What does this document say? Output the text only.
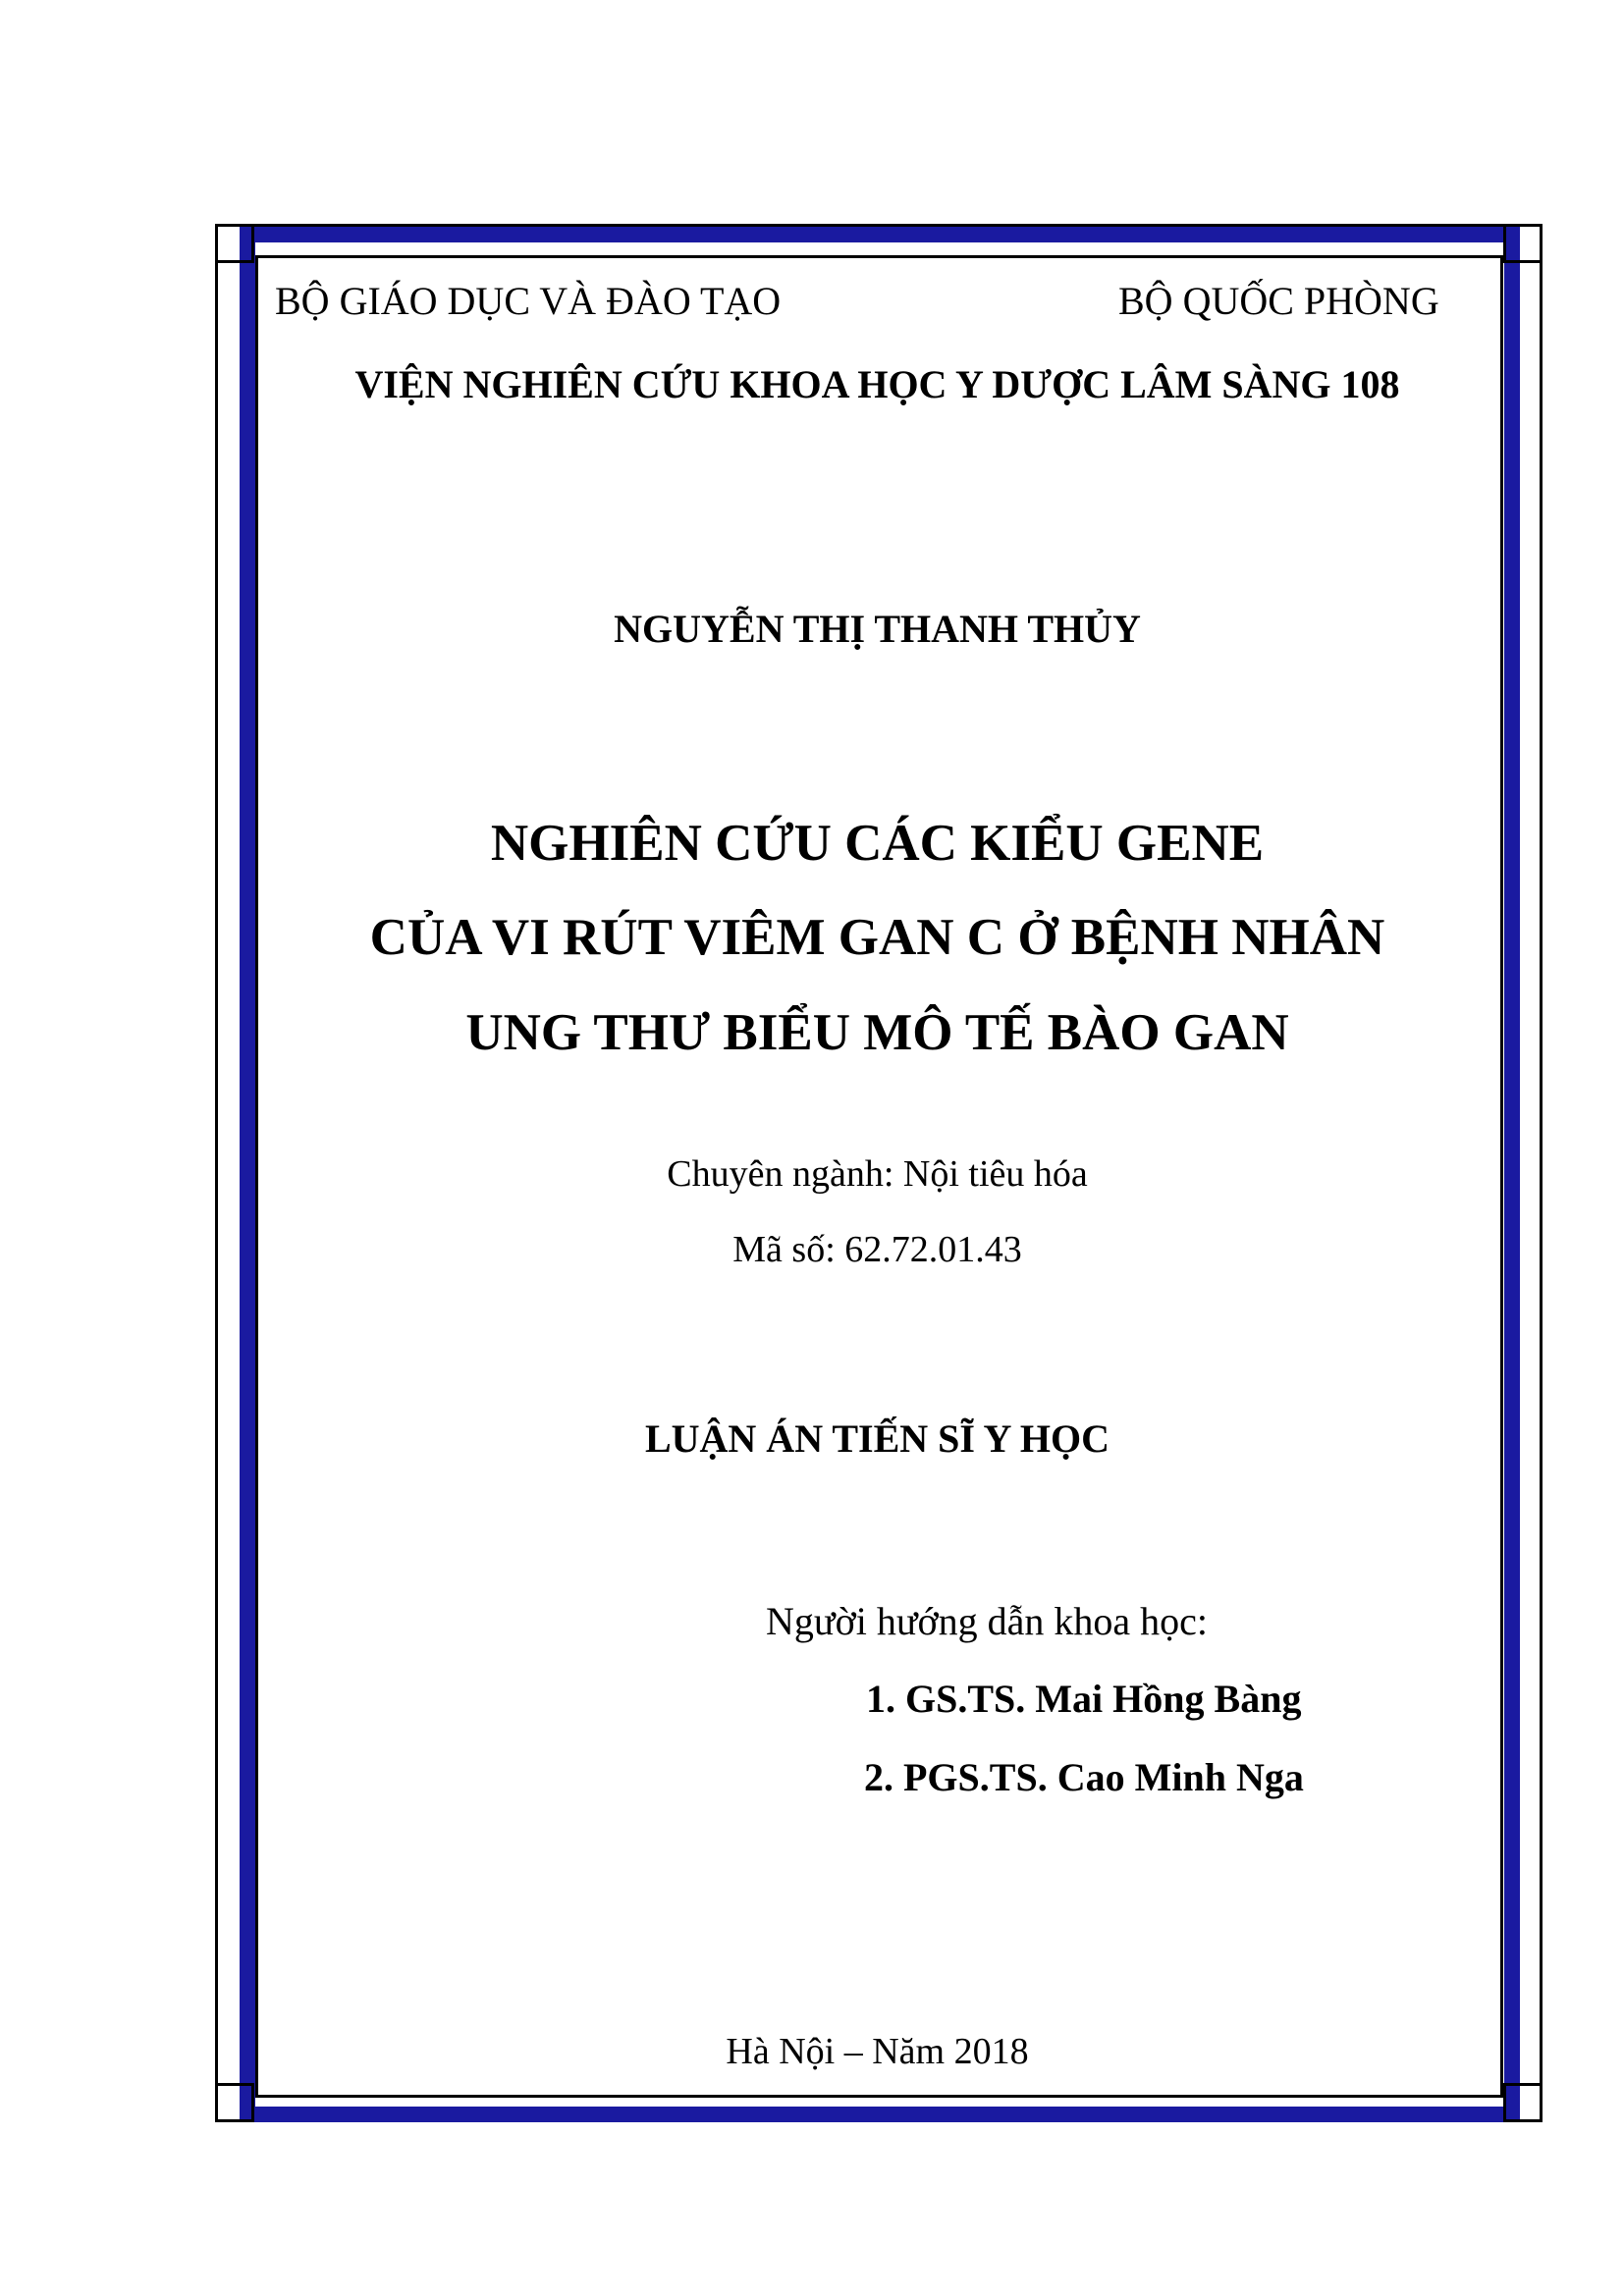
BỘ GIÁO DỤC VÀ ĐÀO TẠO	BỘ QUỐC PHÒNG
VIỆN NGHIÊN CỨU KHOA HỌC Y DƯỢC LÂM SÀNG 108
NGUYỄN THỊ THANH THỦY
NGHIÊN CỨU CÁC KIỂU GENE
CỦA VI RÚT VIÊM GAN C Ở BỆNH NHÂN
UNG THƯ BIỂU MÔ TẾ BÀO GAN
Chuyên ngành: Nội tiêu hóa
Mã số: 62.72.01.43
LUẬN ÁN TIẾN SĨ Y HỌC
Người hướng dẫn khoa học:
1. GS.TS. Mai Hồng Bàng
2. PGS.TS. Cao Minh Nga
Hà Nội – Năm 2018
